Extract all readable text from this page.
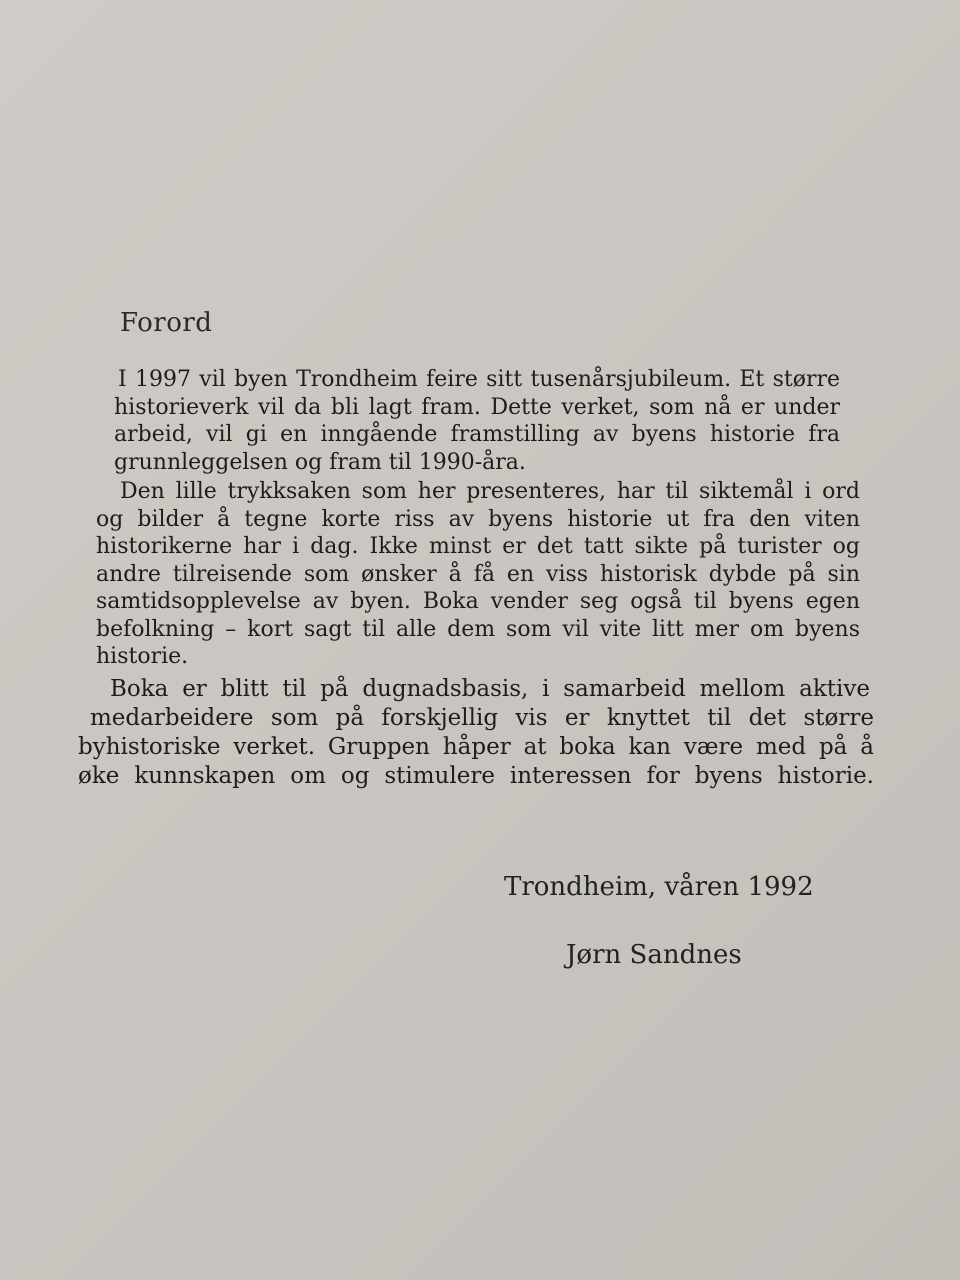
Forord
I 1997 vil byen Trondheim feire sitt tusenårsjubileum. Et større
historieverk vil da bli lagt fram. Dette verket, som nå er under
arbeid, vil gi en inngående framstilling av byens historie fra
grunnleggelsen og fram til 1990-åra.
Den lille trykksaken som her presenteres, har til siktemål i ord
og bilder å tegne korte riss av byens historie ut fra den viten
historikerne har i dag. Ikke minst er det tatt sikte på turister og
andre tilreisende som ønsker å få en viss historisk dybde på sin
samtidsopplevelse av byen. Boka vender seg også til byens egen
befolkning – kort sagt til alle dem som vil vite litt mer om byens
historie.
Boka er blitt til på dugnadsbasis, i samarbeid mellom aktive
medarbeidere som på forskjellig vis er knyttet til det større
byhistoriske verket. Gruppen håper at boka kan være med på å
øke kunnskapen om og stimulere interessen for byens historie.
Trondheim, våren 1992
Jørn Sandnes
